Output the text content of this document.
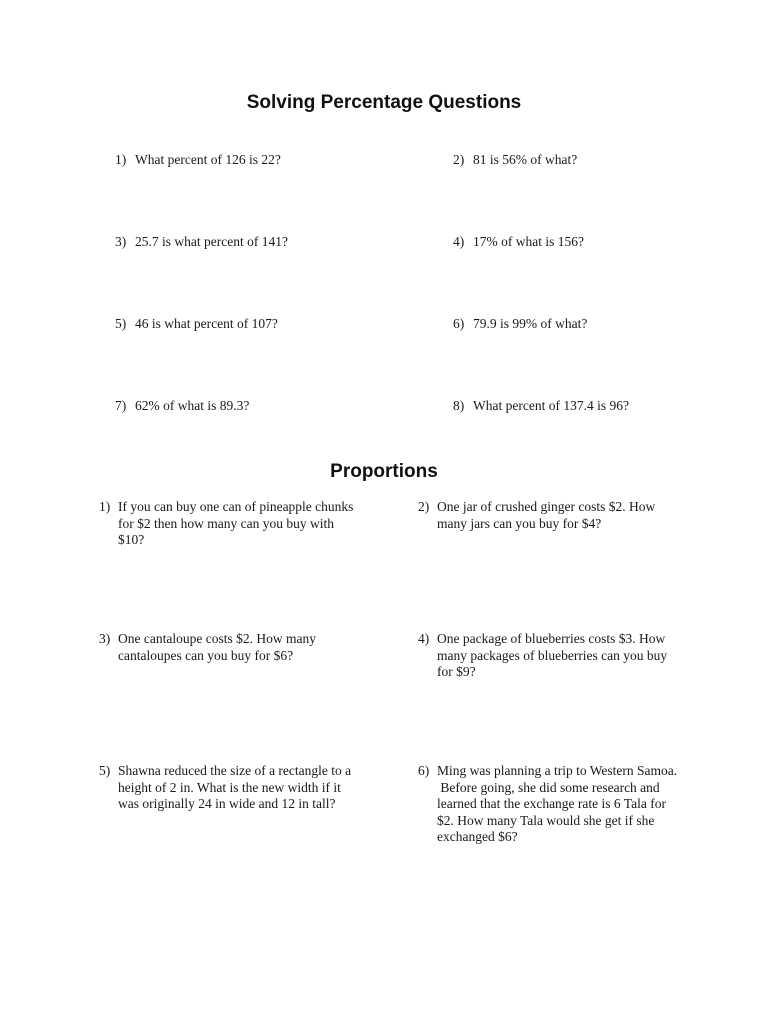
Solving Percentage Questions
1) What percent of 126 is 22?	2) 81 is 56% of what?
3) 25.7 is what percent of 141?	4) 17% of what is 156?
5) 46 is what percent of 107?	6) 79.9 is 99% of what?
7) 62% of what is 89.3?	8) What percent of 137.4 is 96?
Proportions
1) If you can buy one can of pineapple chunks
for $2 then how many can you buy with
$10?
2) One jar of crushed ginger costs $2. How
many jars can you buy for $4?
3) One cantaloupe costs $2. How many
cantaloupes can you buy for $6?
4) One package of blueberries costs $3. How
many packages of blueberries can you buy
for $9?
5) Shawna reduced the size of a rectangle to a
height of 2 in. What is the new width if it
was originally 24 in wide and 12 in tall?
6) Ming was planning a trip to Western Samoa.
Before going, she did some research and
learned that the exchange rate is 6 Tala for
$2. How many Tala would she get if she
exchanged $6?
